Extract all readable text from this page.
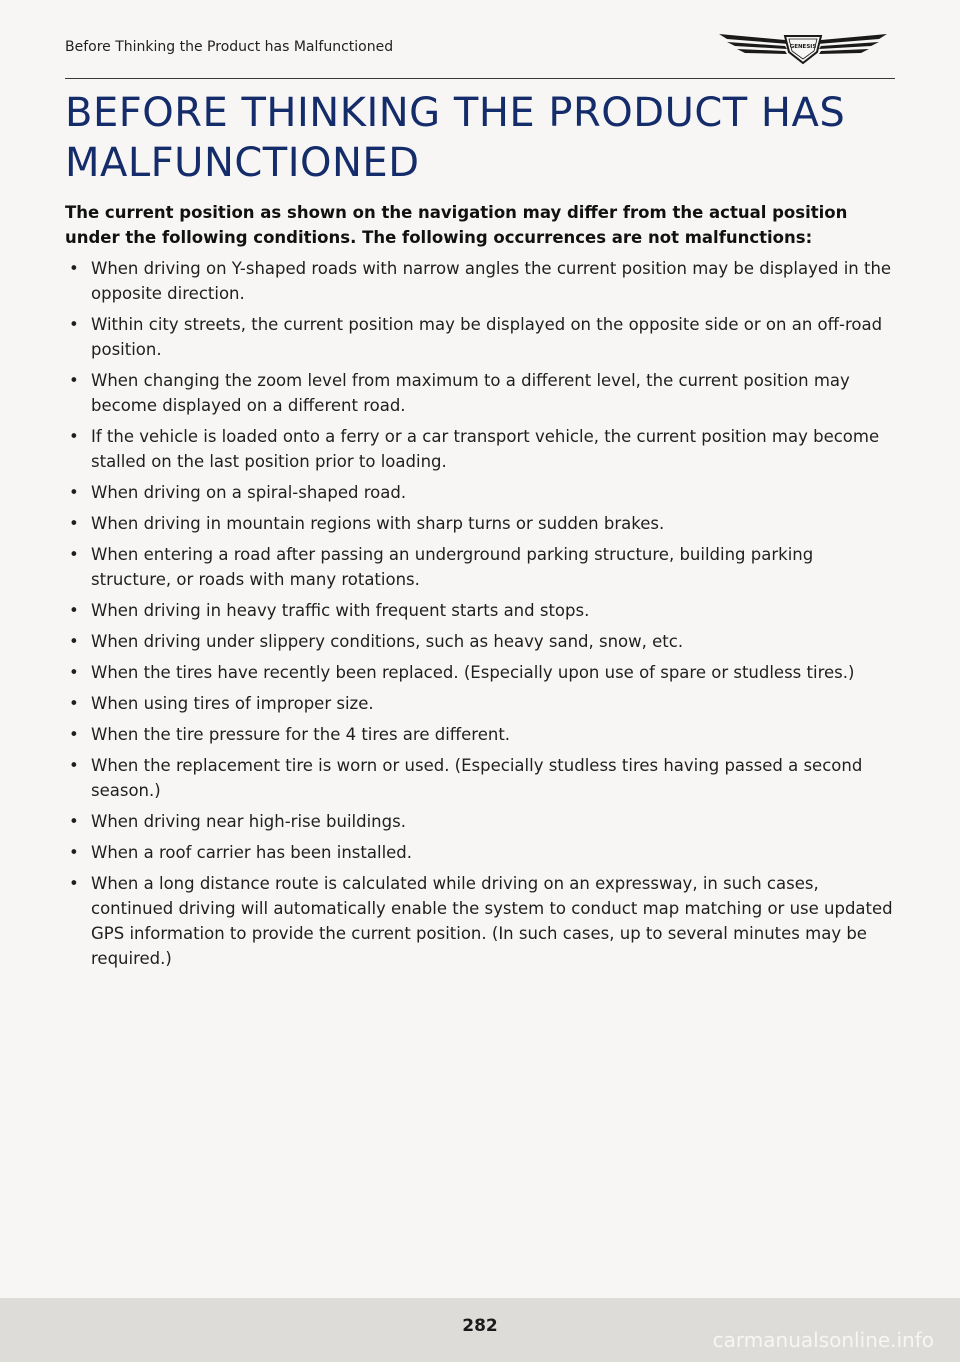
Before Thinking the Product has Malfunctioned	GENESIS
BEFORE THINKING THE PRODUCT HAS MALFUNCTIONED

The current position as shown on the navigation may differ from the actual position under the following conditions. The following occurrences are not malfunctions:

• When driving on Y-shaped roads with narrow angles the current position may be displayed in the opposite direction.
• Within city streets, the current position may be displayed on the opposite side or on an off-road position.
• When changing the zoom level from maximum to a different level, the current position may become displayed on a different road.
• If the vehicle is loaded onto a ferry or a car transport vehicle, the current position may become stalled on the last position prior to loading.
• When driving on a spiral-shaped road.
• When driving in mountain regions with sharp turns or sudden brakes.
• When entering a road after passing an underground parking structure, building parking structure, or roads with many rotations.
• When driving in heavy traffic with frequent starts and stops.
• When driving under slippery conditions, such as heavy sand, snow, etc.
• When the tires have recently been replaced. (Especially upon use of spare or studless tires.)
• When using tires of improper size.
• When the tire pressure for the 4 tires are different.
• When the replacement tire is worn or used. (Especially studless tires having passed a second season.)
• When driving near high-rise buildings.
• When a roof carrier has been installed.
• When a long distance route is calculated while driving on an expressway, in such cases, continued driving will automatically enable the system to conduct map matching or use updated GPS information to provide the current position. (In such cases, up to several minutes may be required.)
282
carmanualsonline.info
